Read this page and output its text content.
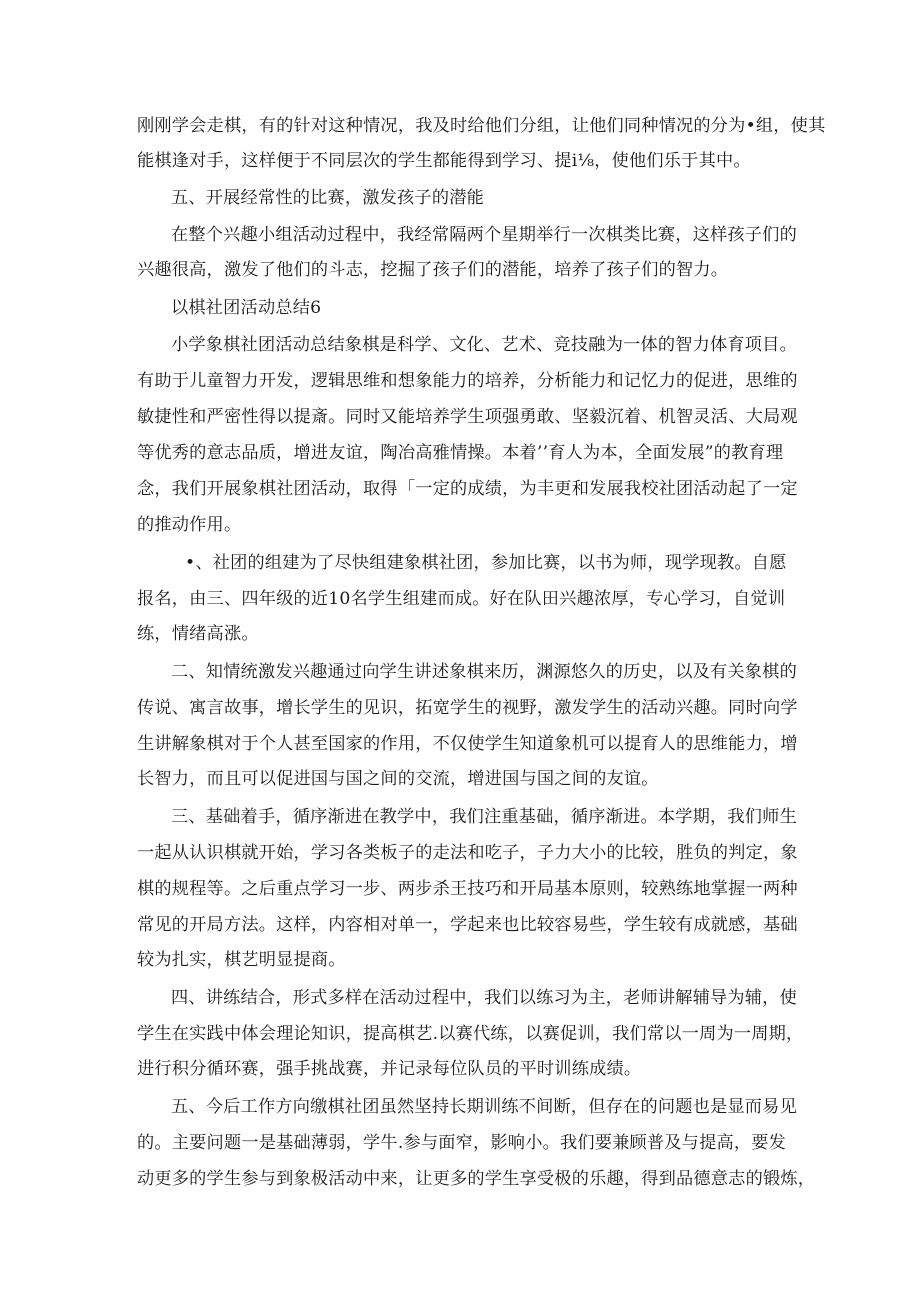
刚刚学会走棋，有的针对这种情况，我及时给他们分组，让他们同种情况的分为•组，使其
能棋逢对手，这样便于不同层次的学生都能得到学习、提i⅛，使他们乐于其中。
五、开展经常性的比赛，激发孩子的潜能
在整个兴趣小组活动过程中，我经常隔两个星期举行一次棋类比赛，这样孩子们的
兴趣很高，激发了他们的斗志，挖掘了孩子们的潜能，培养了孩子们的智力。
以棋社团活动总结6
小学象棋社团活动总结象棋是科学、文化、艺术、竞技融为一体的智力体育项目。
有助于儿童智力开发，逻辑思维和想象能力的培养，分析能力和记忆力的促进，思维的
敏捷性和严密性得以提斎。同时又能培养学生项强勇敢、坚毅沉着、机智灵活、大局观
等优秀的意志品质，增进友谊，陶冶高雅情操。本着’’育人为本，全面发展”的教育理
念，我们开展象棋社团活动，取得「一定的成绩，为丰更和发展我校社团活动起了一定
的推动作用。
•、社团的组建为了尽快组建象棋社团，参加比赛，以书为师，现学现教。自愿
报名，由三、四年级的近10名学生组建而成。好在队田兴趣浓厚，专心学习，自觉训
练，情绪高涨。
二、知情统激发兴趣通过向学生讲述象棋来历，渊源悠久的历史，以及有关象棋的
传说、寓言故事，增长学生的见识，拓宽学生的视野，激发学生的活动兴趣。同时向学
生讲解象棋对于个人甚至国家的作用，不仅使学生知道象机可以提育人的思维能力，增
长智力，而且可以促进国与国之间的交流，增进国与国之间的友谊。
三、基础着手，循序渐进在教学中，我们注重基础，循序渐进。本学期，我们师生
一起从认识棋就开始，学习各类板子的走法和吃子，子力大小的比较，胜负的判定，象
棋的规程等。之后重点学习一步、两步杀王技巧和开局基本原则，较熟练地掌握一两种
常见的开局方法。这样，内容相对单一，学起来也比较容易些，学生较有成就感，基础
较为扎实，棋艺明显提商。
四、讲练结合，形式多样在活动过程中，我们以练习为主，老师讲解辅导为辅，使
学生在实践中体会理论知识，提高棋艺.以赛代练，以赛促训，我们常以一周为一周期，
进行积分循环赛，强手挑战赛，并记录每位队员的平时训练成绩。
五、今后工作方向缴棋社团虽然坚持长期训练不间断，但存在的问题也是显而易见
的。主要问题一是基础薄弱，学牛.参与面窄，影响小。我们要兼顾普及与提高，要发
动更多的学生参与到象极活动中来，让更多的学生享受极的乐趣，得到品德意志的锻炼，
